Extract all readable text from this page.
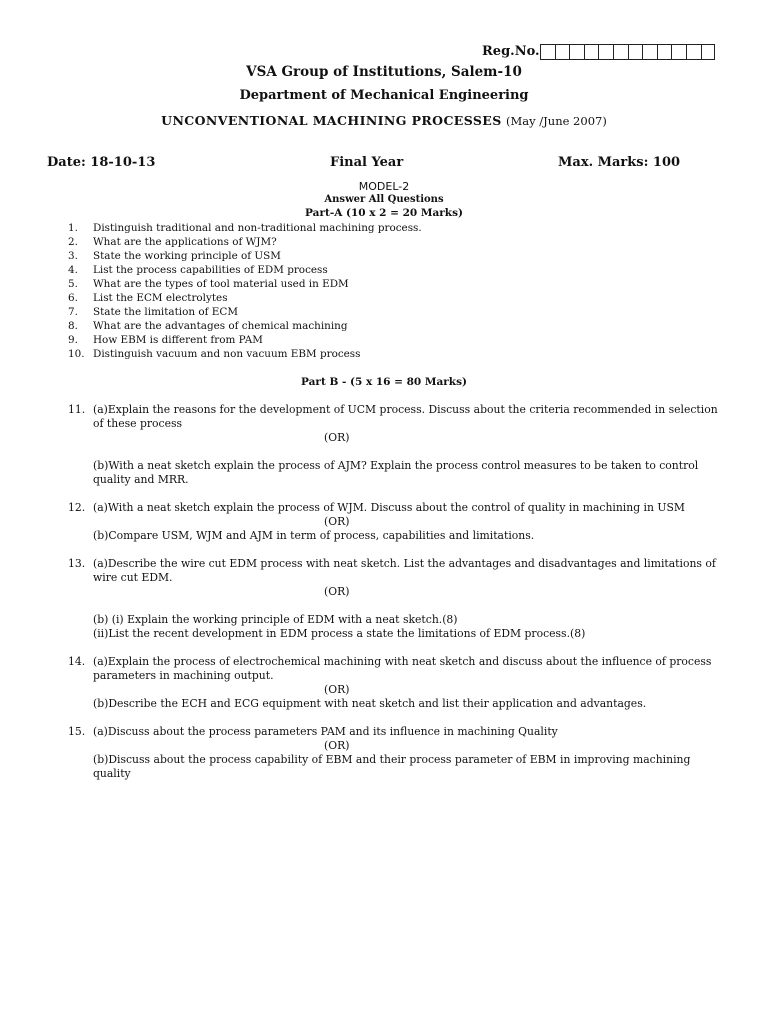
Reg.No.
VSA Group of Institutions, Salem-10
Department of Mechanical Engineering
UNCONVENTIONAL MACHINING PROCESSES (May /June 2007)
Date: 18-10-13	Final Year	Max. Marks: 100
MODEL-2
Answer All Questions
Part-A (10 x 2 = 20 Marks)
1. Distinguish traditional and non-traditional machining process.
2. What are the applications of WJM?
3. State the working principle of USM
4. List the process capabilities of EDM process
5. What are the types of tool material used in EDM
6. List the ECM electrolytes
7. State the limitation of ECM
8. What are the advantages of chemical machining
9. How EBM is different from PAM
10. Distinguish vacuum and non vacuum EBM process
Part B - (5 x 16 = 80 Marks)
11. (a)Explain the reasons for the development of UCM process. Discuss about the criteria recommended in selection of these process
(OR)
(b)With a neat sketch explain the process of AJM? Explain the process control measures to be taken to control quality and MRR.
12. (a)With a neat sketch explain the process of WJM. Discuss about the control of quality in machining in USM
(OR)
(b)Compare USM, WJM and AJM in term of process, capabilities and limitations.
13. (a)Describe the wire cut EDM process with neat sketch. List the advantages and disadvantages and limitations of wire cut EDM.
(OR)
(b) (i) Explain the working principle of EDM with a neat sketch.(8)
(ii)List the recent development in EDM process a state the limitations of EDM process.(8)
14. (a)Explain the process of electrochemical machining with neat sketch and discuss about the influence of process parameters in machining output.
(OR)
(b)Describe the ECH and ECG equipment with neat sketch and list their application and advantages.
15. (a)Discuss about the process parameters PAM and its influence in machining Quality
(OR)
(b)Discuss about the process capability of EBM and their process parameter of EBM in improving machining quality
